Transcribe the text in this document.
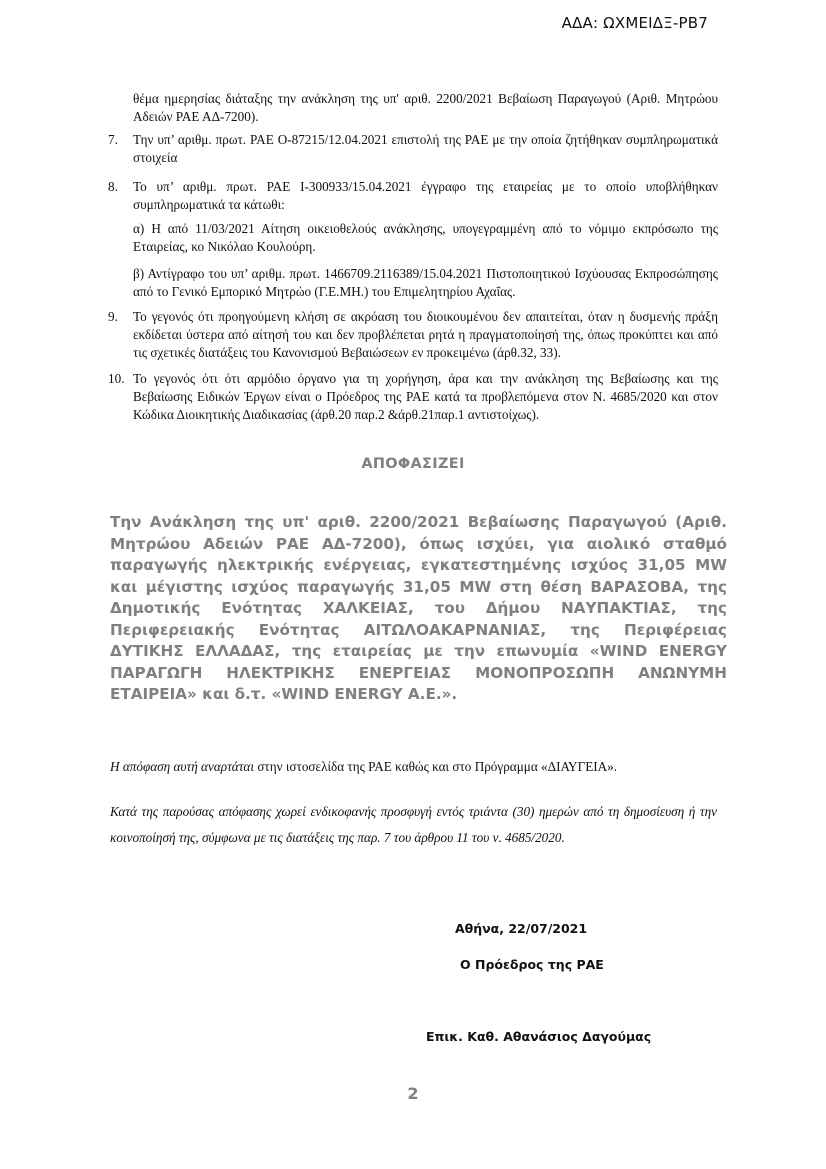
ΑΔΑ: ΩΧΜΕΙΔΞ-ΡΒ7
θέμα ημερησίας διάταξης την ανάκληση της υπ' αριθ. 2200/2021 Βεβαίωση Παραγωγού (Αριθ. Μητρώου Αδειών ΡΑΕ ΑΔ-7200).
7.	Την υπ’ αριθμ. πρωτ. ΡΑΕ Ο-87215/12.04.2021 επιστολή της ΡΑΕ με την οποία ζητήθηκαν συμπληρωματικά στοιχεία
8.	Το υπ’ αριθμ. πρωτ. ΡΑΕ Ι-300933/15.04.2021 έγγραφο της εταιρείας με το οποίο υποβλήθηκαν συμπληρωματικά τα κάτωθι:
α) Η από 11/03/2021 Αίτηση οικειοθελούς ανάκλησης, υπογεγραμμένη από το νόμιμο εκπρόσωπο της Εταιρείας, κο Νικόλαο Κουλούρη.
β) Αντίγραφο του υπ’ αριθμ. πρωτ. 1466709.2116389/15.04.2021 Πιστοποιητικού Ισχύουσας Εκπροσώπησης από το Γενικό Εμπορικό Μητρώο (Γ.Ε.ΜΗ.) του Επιμελητηρίου Αχαΐας.
9.	Το γεγονός ότι προηγούμενη κλήση σε ακρόαση του διοικουμένου δεν απαιτείται, όταν η δυσμενής πράξη εκδίδεται ύστερα από αίτησή του και δεν προβλέπεται ρητά η πραγματοποίησή της, όπως προκύπτει και από τις σχετικές διατάξεις του Κανονισμού Βεβαιώσεων εν προκειμένω (άρθ.32, 33).
10. Το γεγονός ότι ότι αρμόδιο όργανο για τη χορήγηση, άρα και την ανάκληση της Βεβαίωσης και της Βεβαίωσης Ειδικών Έργων είναι ο Πρόεδρος της ΡΑΕ κατά τα προβλεπόμενα στον Ν. 4685/2020 και στον Κώδικα Διοικητικής Διαδικασίας (άρθ.20 παρ.2 &άρθ.21παρ.1 αντιστοίχως).
ΑΠΟΦΑΣΙΖΕΙ
Την Ανάκληση της υπ' αριθ. 2200/2021 Βεβαίωσης Παραγωγού (Αριθ.
Μητρώου Αδειών ΡΑΕ ΑΔ-7200), όπως ισχύει, για αιολικό σταθμό
παραγωγής ηλεκτρικής ενέργειας, εγκατεστημένης ισχύος 31,05 MW
και μέγιστης ισχύος παραγωγής 31,05 MW στη θέση ΒΑΡΑΣΟΒΑ, της
Δημοτικής Ενότητας ΧΑΛΚΕΙΑΣ, του Δήμου ΝΑΥΠΑΚΤΙΑΣ, της
Περιφερειακής Ενότητας ΑΙΤΩΛΟΑΚΑΡΝΑΝΙΑΣ, της Περιφέρειας
ΔΥΤΙΚΗΣ ΕΛΛΑΔΑΣ, της εταιρείας με την επωνυμία «WIND ENERGY
ΠΑΡΑΓΩΓΗ ΗΛΕΚΤΡΙΚΗΣ ΕΝΕΡΓΕΙΑΣ ΜΟΝΟΠΡΟΣΩΠΗ ΑΝΩΝΥΜΗ
ΕΤΑΙΡΕΙΑ» και δ.τ. «WIND ENERGY Α.Ε.».
Η απόφαση αυτή αναρτάται στην ιστοσελίδα της ΡΑΕ καθώς και στο Πρόγραμμα «ΔΙΑΥΓΕΙΑ».
Κατά της παρούσας απόφασης χωρεί ενδικοφανής προσφυγή εντός τριάντα (30) ημερών από τη δημοσίευση ή την κοινοποίησή της, σύμφωνα με τις διατάξεις της παρ. 7 του άρθρου 11 του ν. 4685/2020.
Αθήνα, 22/07/2021
Ο Πρόεδρος της ΡΑΕ
Επικ. Καθ. Αθανάσιος Δαγούμας
2
